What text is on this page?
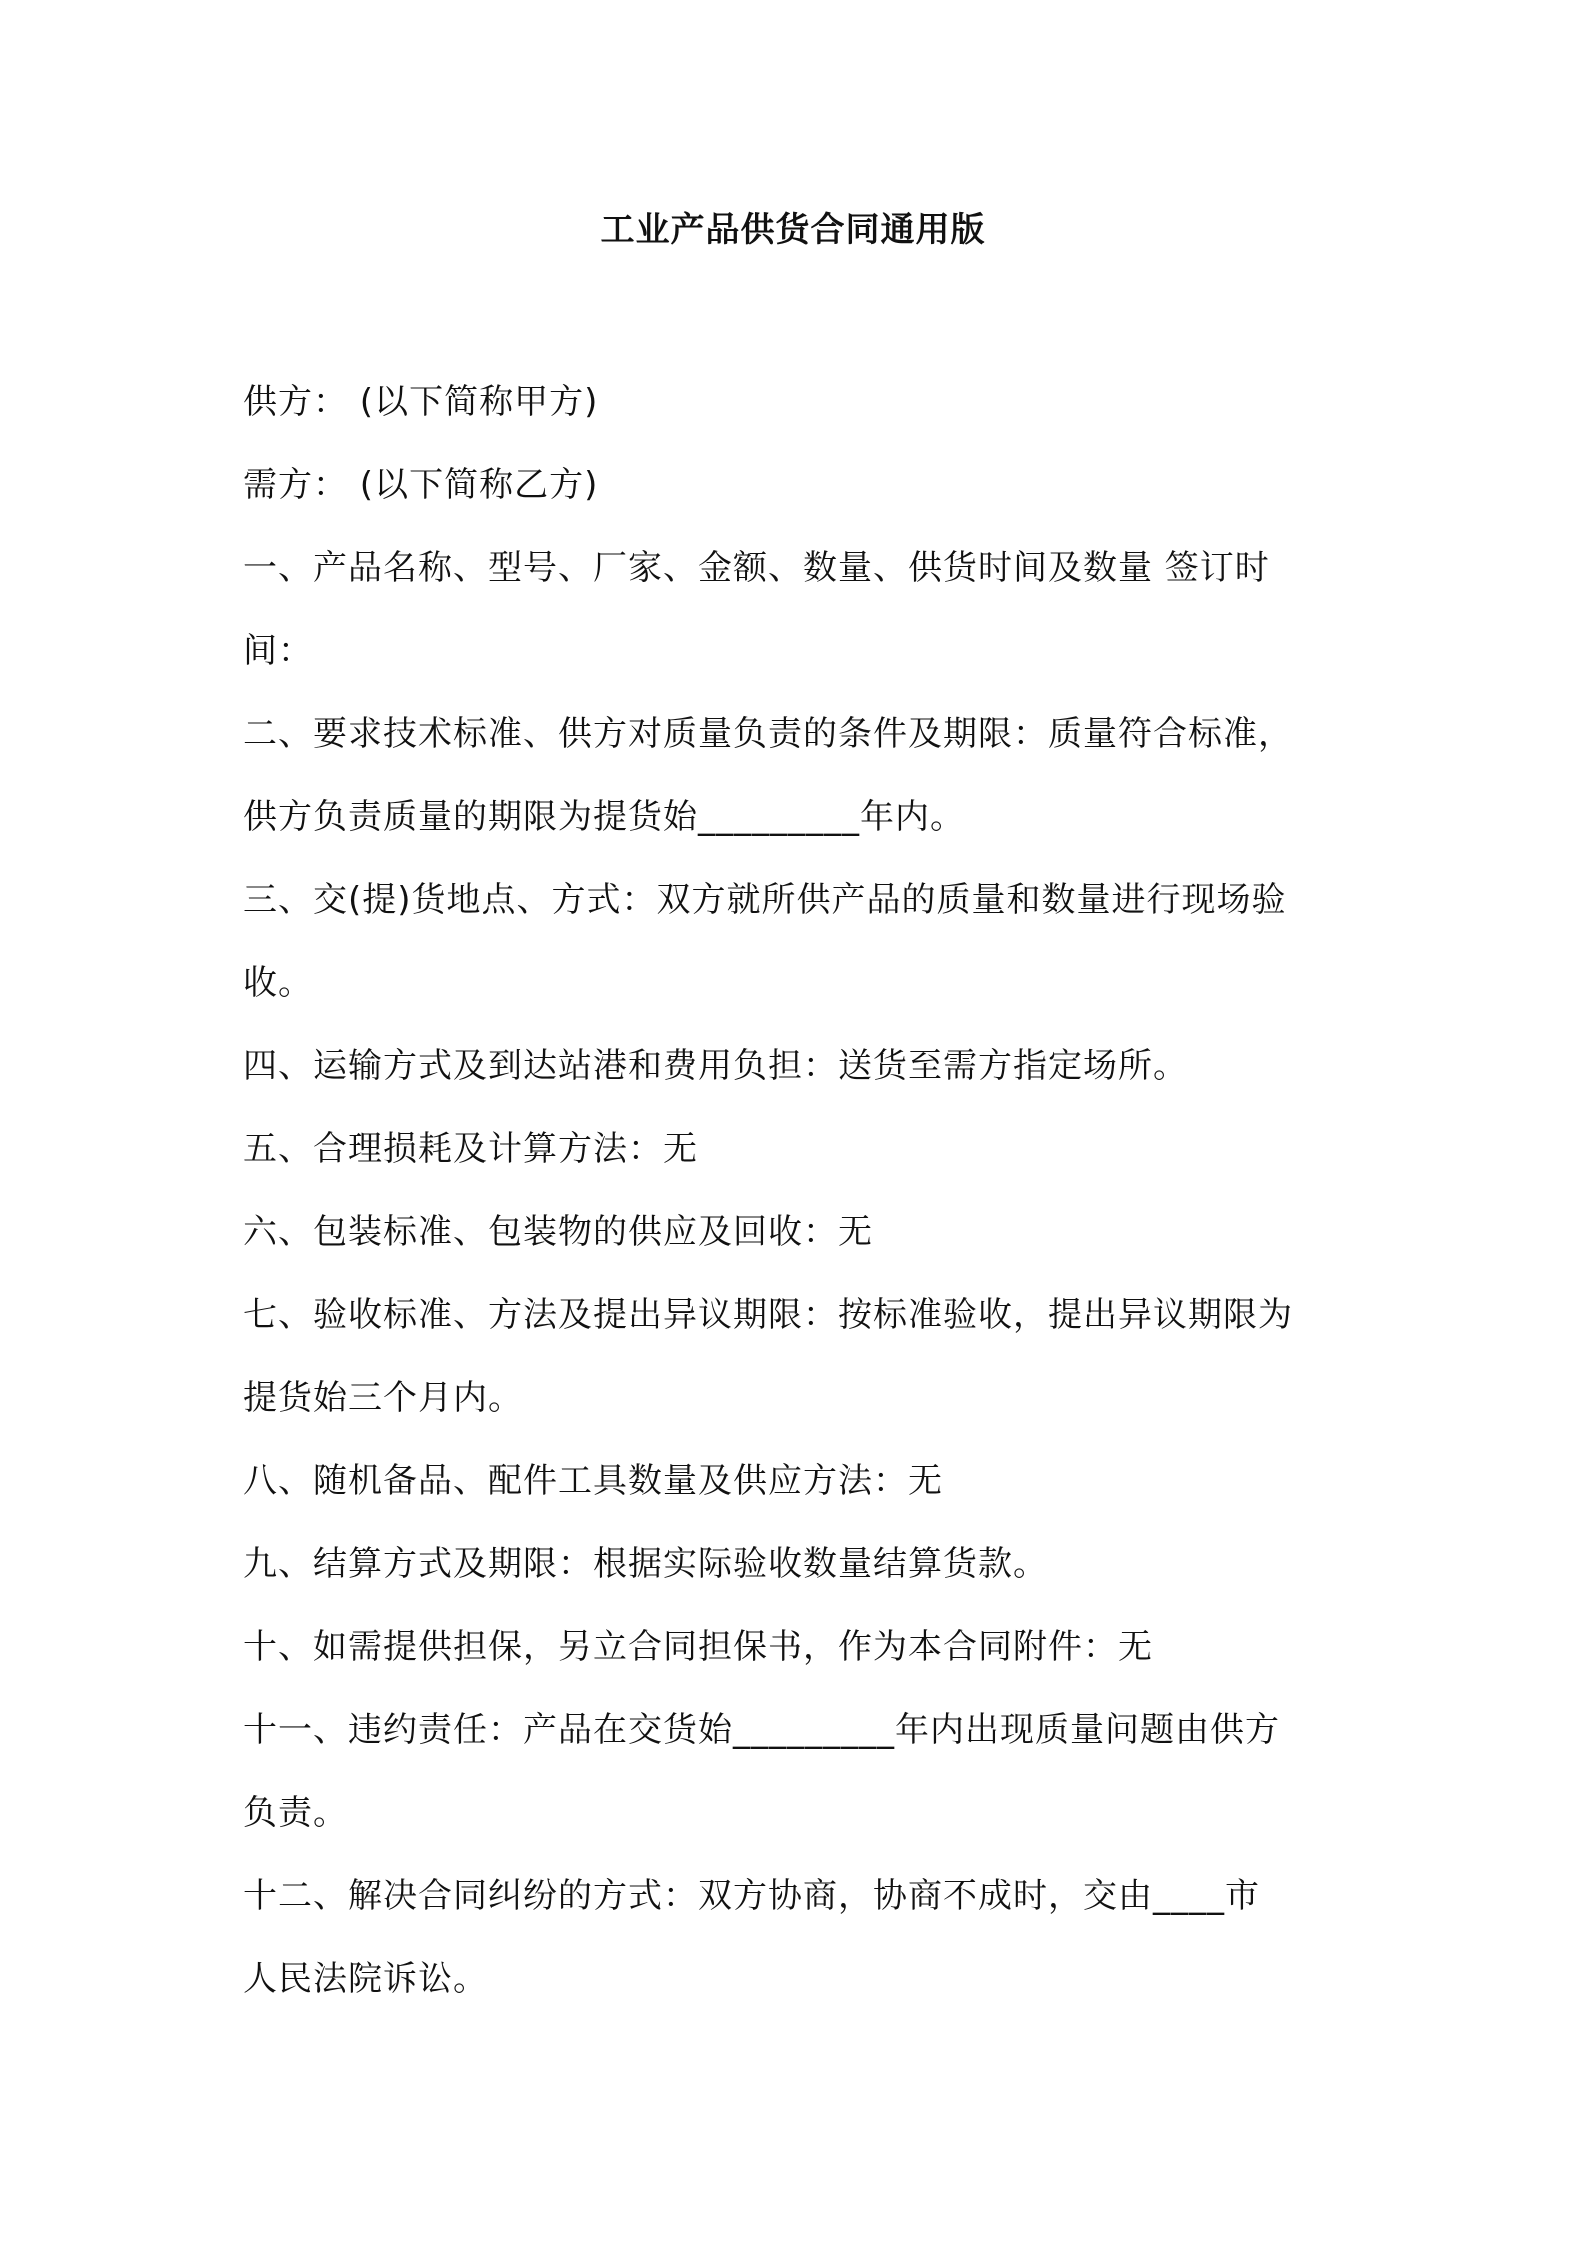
工业产品供货合同通用版
供方： (以下简称甲方)
需方： (以下简称乙方)
一、产品名称、型号、厂家、金额、数量、供货时间及数量 签订时
间：
二、要求技术标准、供方对质量负责的条件及期限：质量符合标准，
供方负责质量的期限为提货始_________年内。
三、交(提)货地点、方式：双方就所供产品的质量和数量进行现场验
收。
四、运输方式及到达站港和费用负担：送货至需方指定场所。
五、合理损耗及计算方法：无
六、包装标准、包装物的供应及回收：无
七、验收标准、方法及提出异议期限：按标准验收，提出异议期限为
提货始三个月内。
八、随机备品、配件工具数量及供应方法：无
九、结算方式及期限：根据实际验收数量结算货款。
十、如需提供担保，另立合同担保书，作为本合同附件：无
十一、违约责任：产品在交货始_________年内出现质量问题由供方
负责。
十二、解决合同纠纷的方式：双方协商，协商不成时，交由____市
人民法院诉讼。
